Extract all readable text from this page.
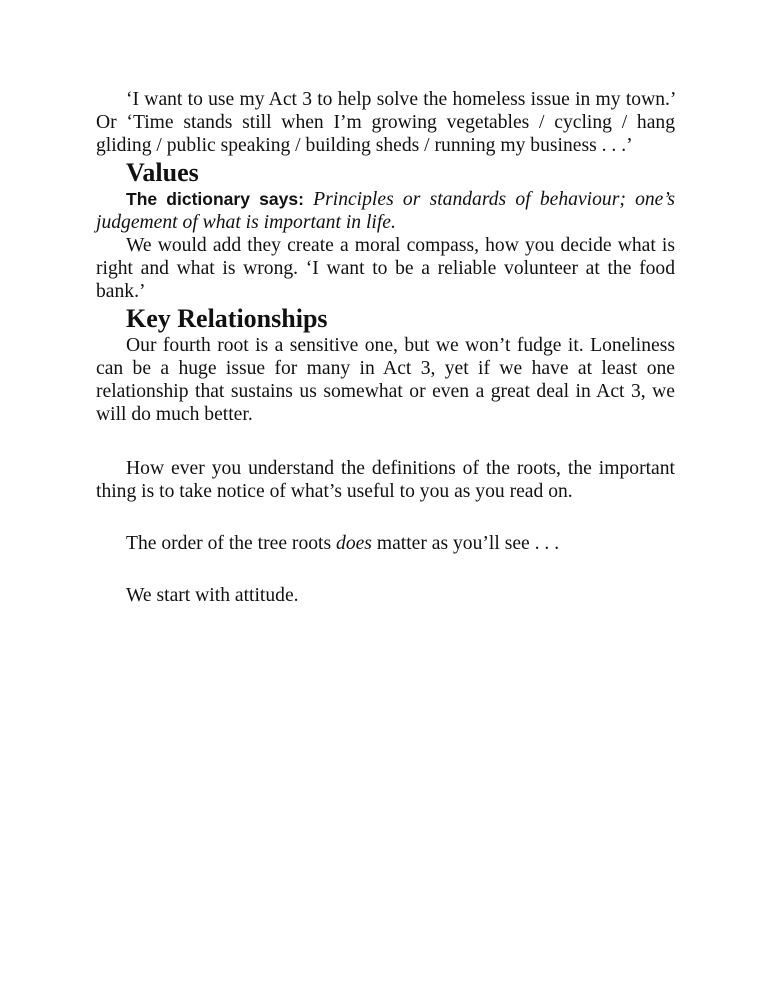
‘I want to use my Act 3 to help solve the homeless issue in my town.’ Or ‘Time stands still when I’m growing vegetables / cycling / hang gliding / public speaking / building sheds / running my business . . .’

Values

The dictionary says: Principles or standards of behaviour; one’s judgement of what is important in life.

We would add they create a moral compass, how you decide what is right and what is wrong. ‘I want to be a reliable volunteer at the food bank.’

Key Relationships

Our fourth root is a sensitive one, but we won’t fudge it. Loneliness can be a huge issue for many in Act 3, yet if we have at least one relationship that sustains us somewhat or even a great deal in Act 3, we will do much better.

How ever you understand the definitions of the roots, the important thing is to take notice of what’s useful to you as you read on.

The order of the tree roots does matter as you’ll see . . .

We start with attitude.
